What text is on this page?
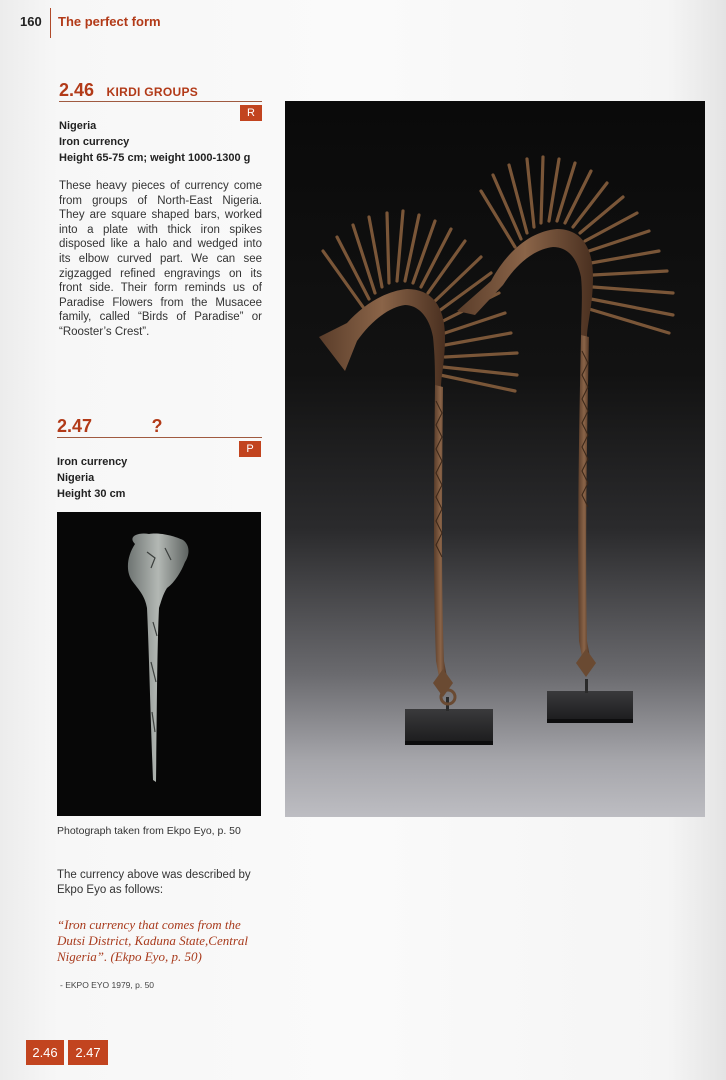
160 The perfect form
2.46 KIRDI GROUPS
R
Nigeria
Iron currency
Height 65-75 cm; weight 1000-1300 g
These heavy pieces of currency come from groups of North-East Nigeria. They are square shaped bars, worked into a plate with thick iron spikes disposed like a halo and wedged into its elbow curved part. We can see zigzagged refined engravings on its front side. Their form reminds us of Paradise Flowers from the Musacee family, called “Birds of Paradise” or “Rooster’s Crest”.
2.47	?
P
Iron currency
Nigeria
Height 30 cm
Photograph taken from Ekpo Eyo, p. 50
The currency above was described by Ekpo Eyo as follows:
“Iron currency that comes from the Dutsi District, Kaduna State,Central Nigeria”. (Ekpo Eyo, p. 50)
- EKPO EYO 1979, p. 50
2.46	2.47
